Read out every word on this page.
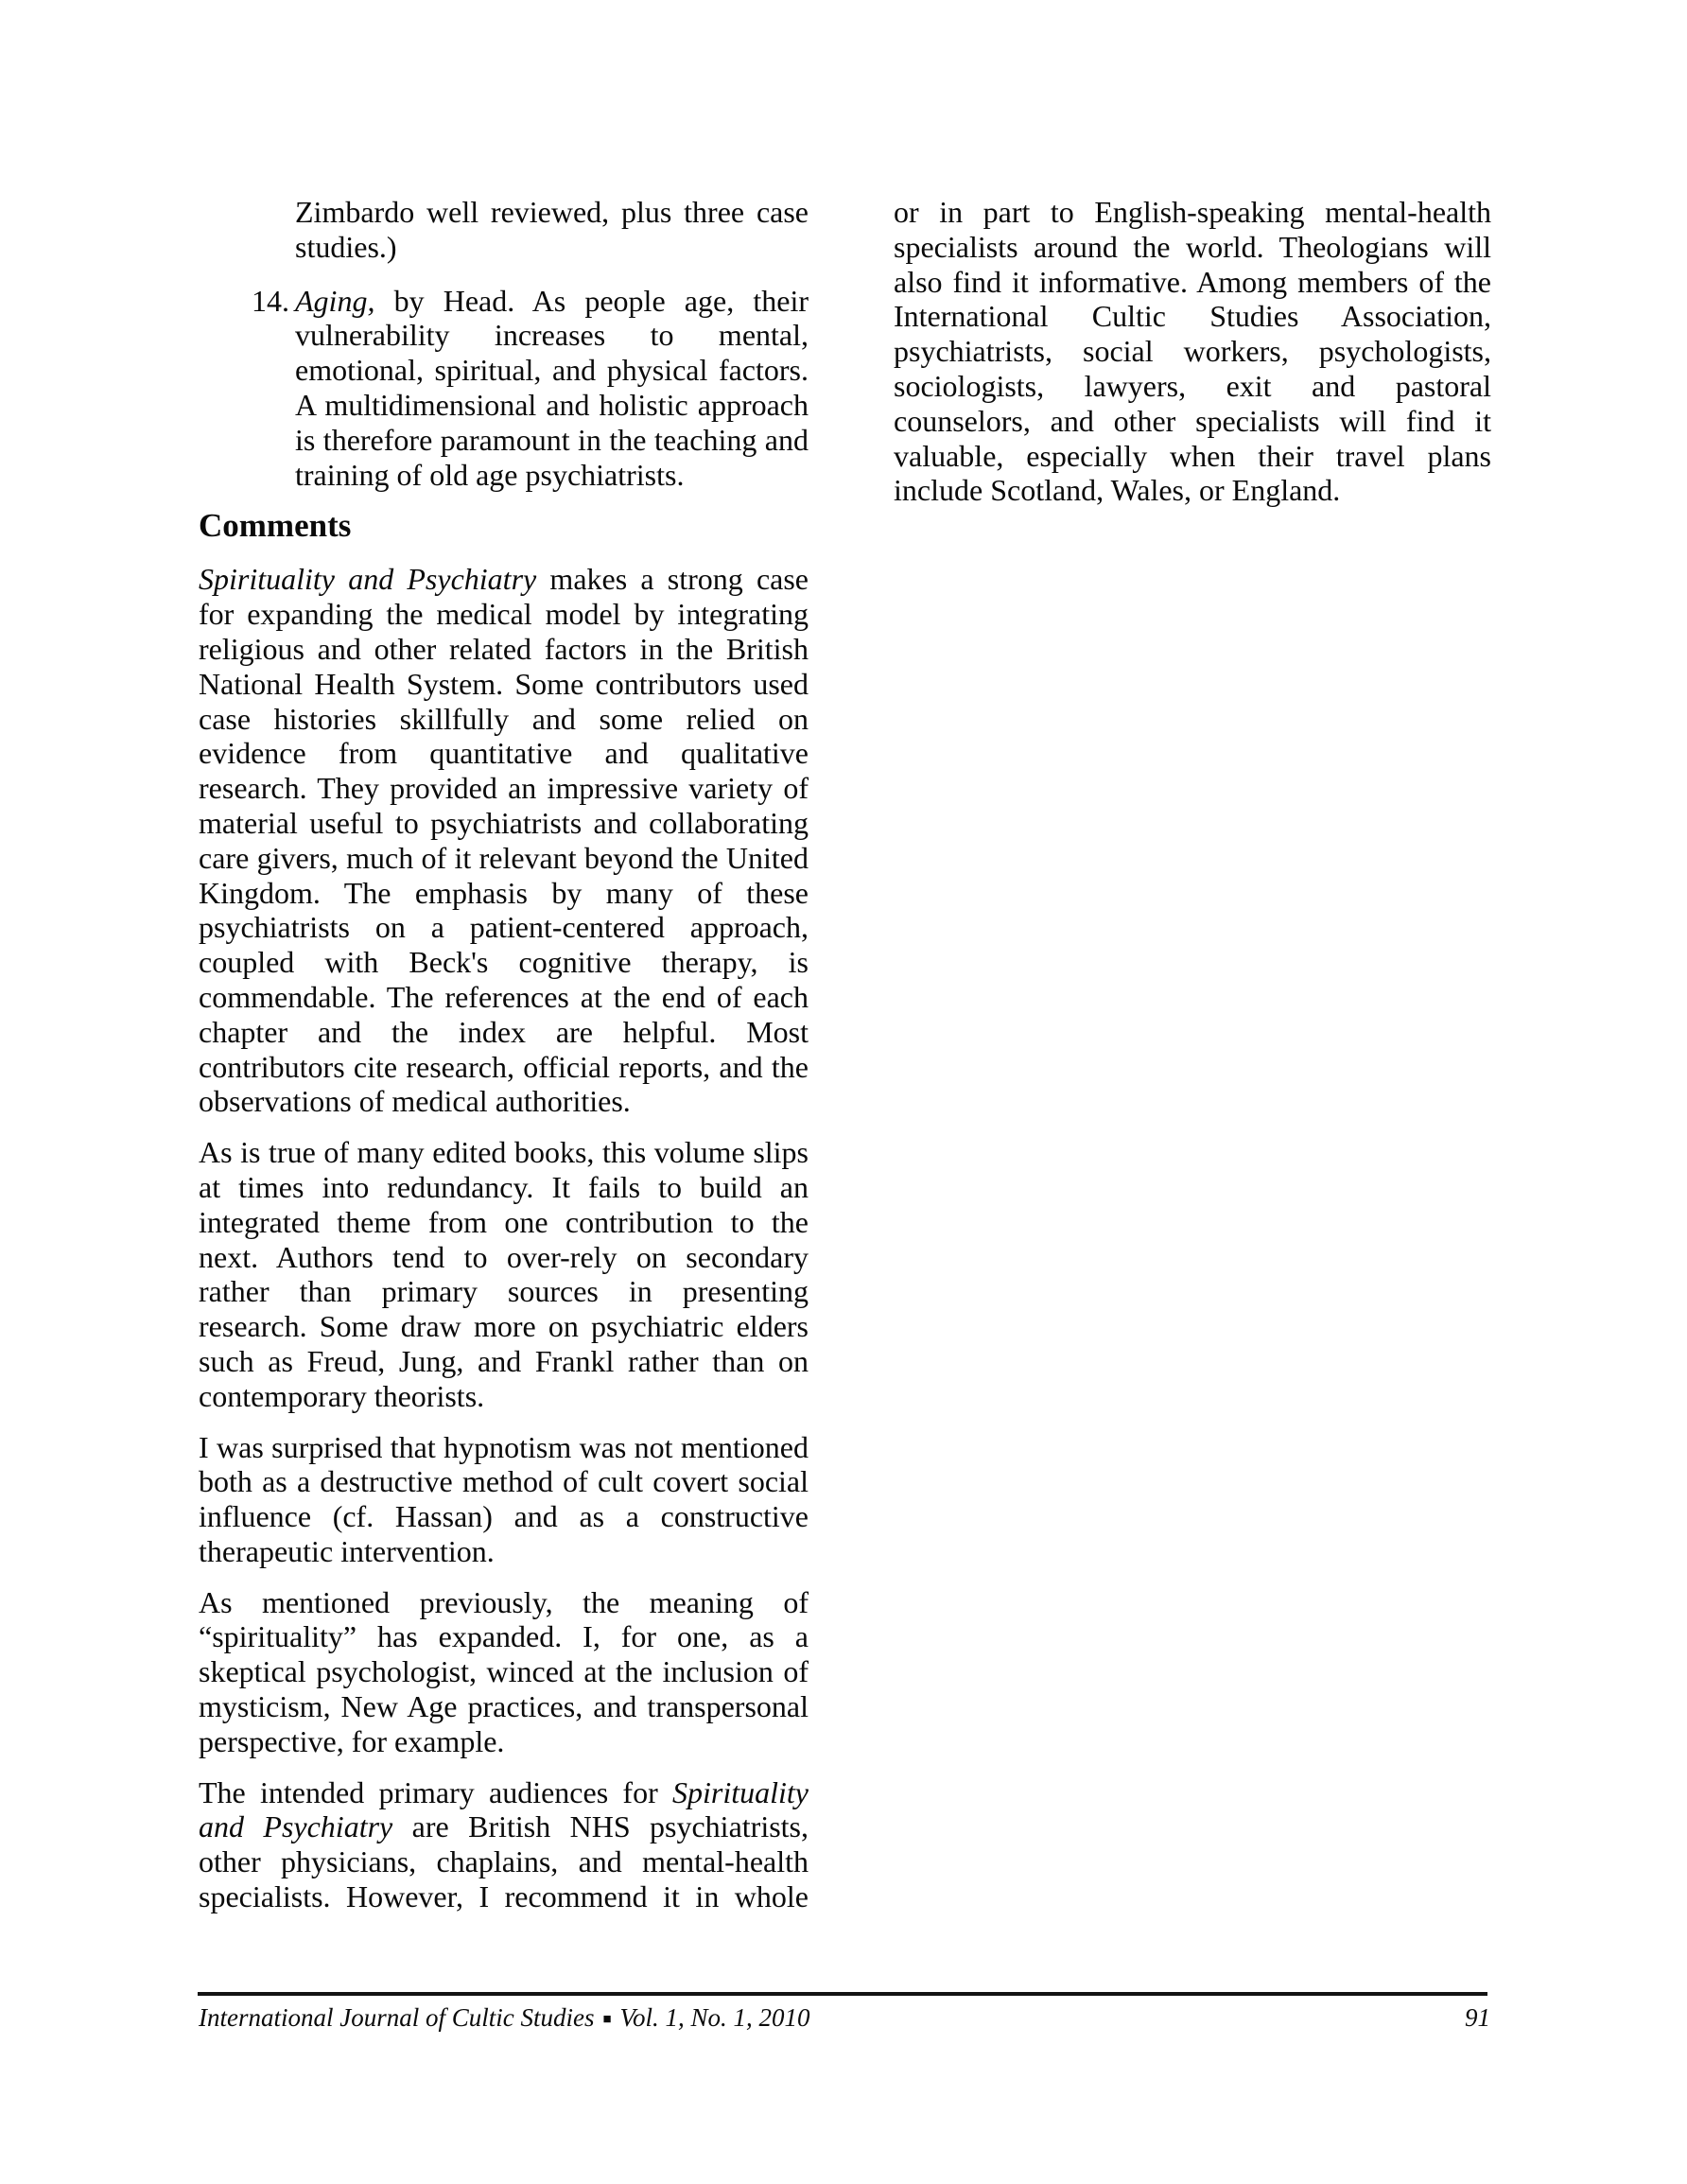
Zimbardo well reviewed, plus three case studies.)
14. Aging, by Head. As people age, their vulnerability increases to mental, emotional, spiritual, and physical factors. A multidimensional and holistic approach is therefore paramount in the teaching and training of old age psychiatrists.
Comments

Spirituality and Psychiatry makes a strong case for expanding the medical model by integrating religious and other related factors in the British National Health System. Some contributors used case histories skillfully and some relied on evidence from quantitative and qualitative research. They provided an impressive variety of material useful to psychiatrists and collaborating care givers, much of it relevant beyond the United Kingdom. The emphasis by many of these psychiatrists on a patient-centered approach, coupled with Beck's cognitive therapy, is commendable. The references at the end of each chapter and the index are helpful. Most contributors cite research, official reports, and the observations of medical authorities.

As is true of many edited books, this volume slips at times into redundancy. It fails to build an integrated theme from one contribution to the next. Authors tend to over-rely on secondary rather than primary sources in presenting research. Some draw more on psychiatric elders such as Freud, Jung, and Frankl rather than on contemporary theorists.

I was surprised that hypnotism was not mentioned both as a destructive method of cult covert social influence (cf. Hassan) and as a constructive therapeutic intervention.

As mentioned previously, the meaning of “spirituality” has expanded. I, for one, as a skeptical psychologist, winced at the inclusion of mysticism, New Age practices, and transpersonal perspective, for example.

The intended primary audiences for Spirituality and Psychiatry are British NHS psychiatrists, other physicians, chaplains, and mental-health specialists. However, I recommend it in whole

or in part to English-speaking mental-health specialists around the world. Theologians will also find it informative. Among members of the International Cultic Studies Association, psychiatrists, social workers, psychologists, sociologists, lawyers, exit and pastoral counselors, and other specialists will find it valuable, especially when their travel plans include Scotland, Wales, or England.

International Journal of Cultic Studies ■ Vol. 1, No. 1, 2010	91
